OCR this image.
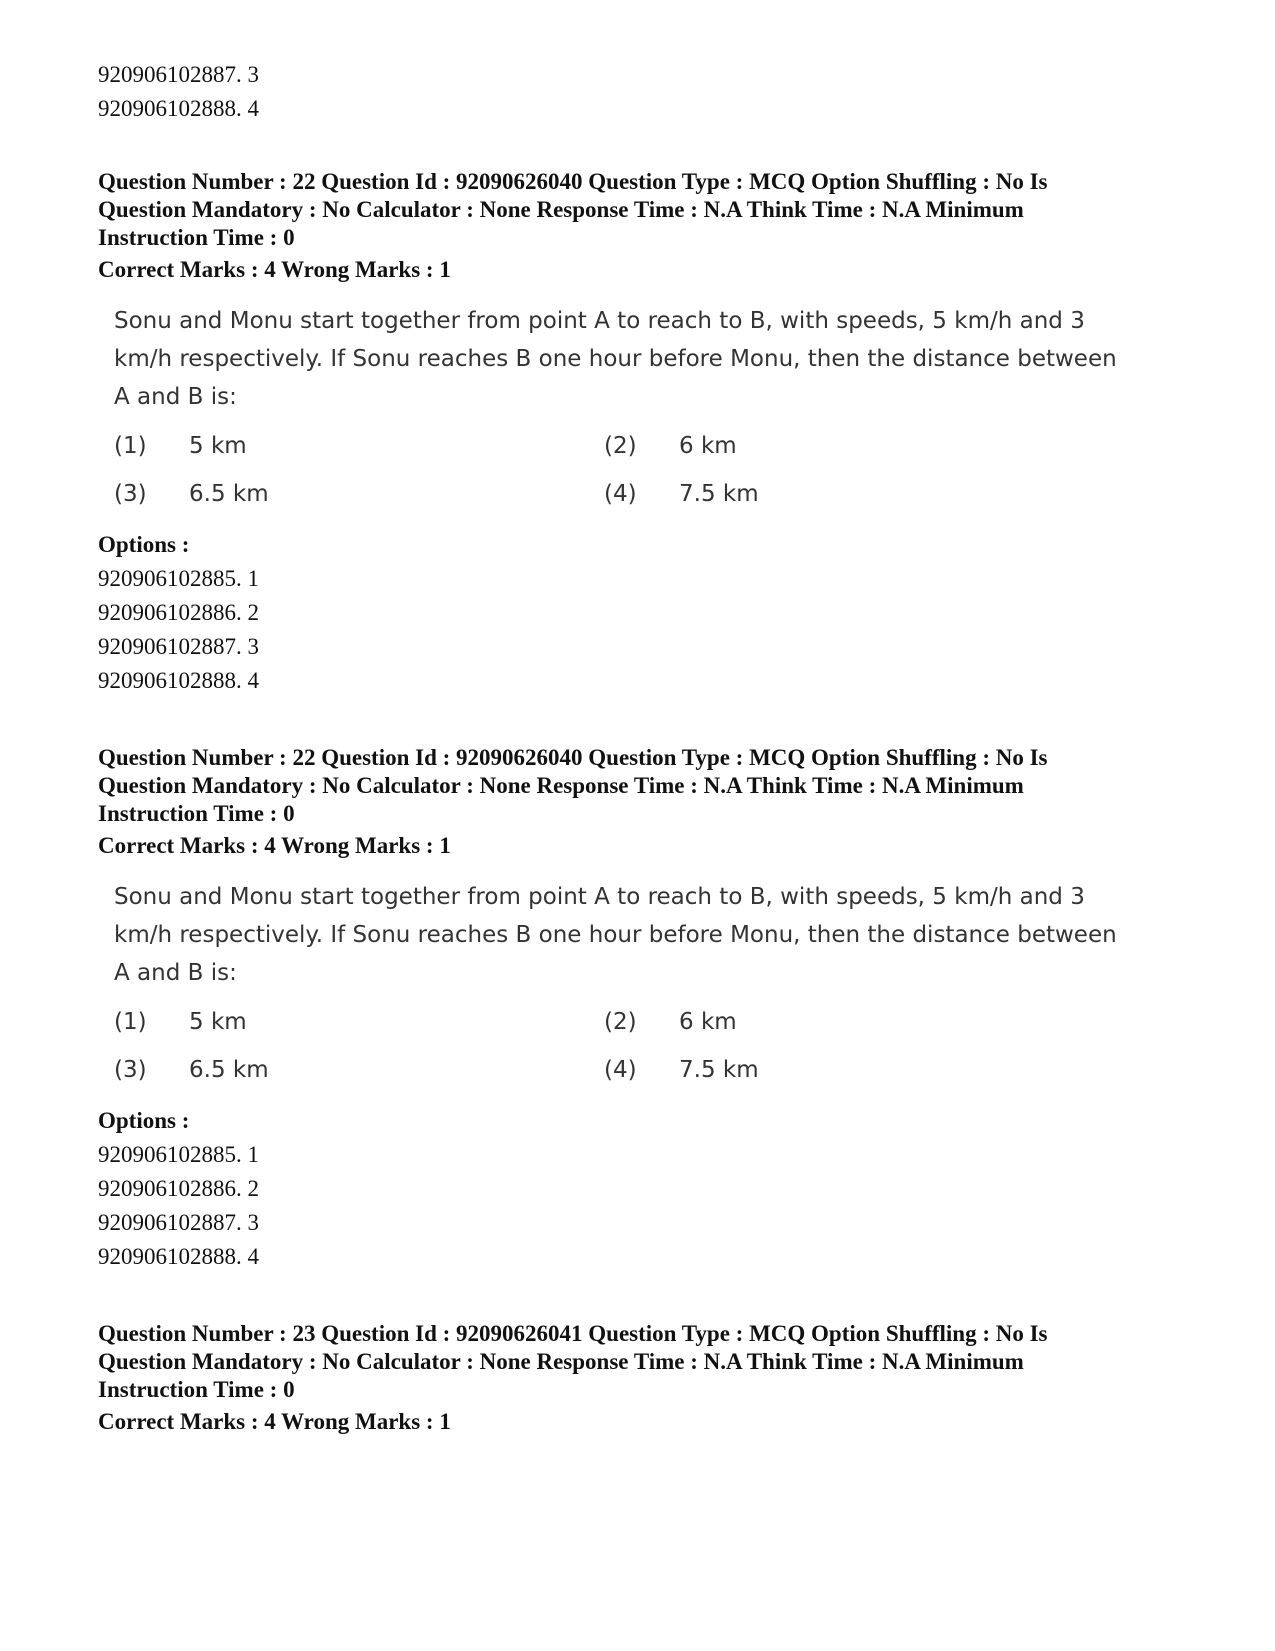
920906102887. 3

920906102888. 4

Question Number : 22 Question Id : 92090626040 Question Type : MCQ Option Shuffling : No Is

Question Mandatory : No Calculator : None Response Time : N.A Think Time : N.A Minimum

Instruction Time : 0

Correct Marks : 4 Wrong Marks : 1

Sonu and Monu start together from point A to reach to B, with speeds, 5 km/h and 3 km/h respectively. If Sonu reaches B one hour before Monu, then the distance between A and B is:

(1)	5 km	(2)	6 km
(3)	6.5 km	(4)	7.5 km

Options :

920906102885. 1

920906102886. 2

920906102887. 3

920906102888. 4

Question Number : 22 Question Id : 92090626040 Question Type : MCQ Option Shuffling : No Is

Question Mandatory : No Calculator : None Response Time : N.A Think Time : N.A Minimum

Instruction Time : 0

Correct Marks : 4 Wrong Marks : 1

Sonu and Monu start together from point A to reach to B, with speeds, 5 km/h and 3 km/h respectively. If Sonu reaches B one hour before Monu, then the distance between A and B is:

(1)	5 km	(2)	6 km
(3)	6.5 km	(4)	7.5 km

Options :

920906102885. 1

920906102886. 2

920906102887. 3

920906102888. 4

Question Number : 23 Question Id : 92090626041 Question Type : MCQ Option Shuffling : No Is

Question Mandatory : No Calculator : None Response Time : N.A Think Time : N.A Minimum

Instruction Time : 0

Correct Marks : 4 Wrong Marks : 1
